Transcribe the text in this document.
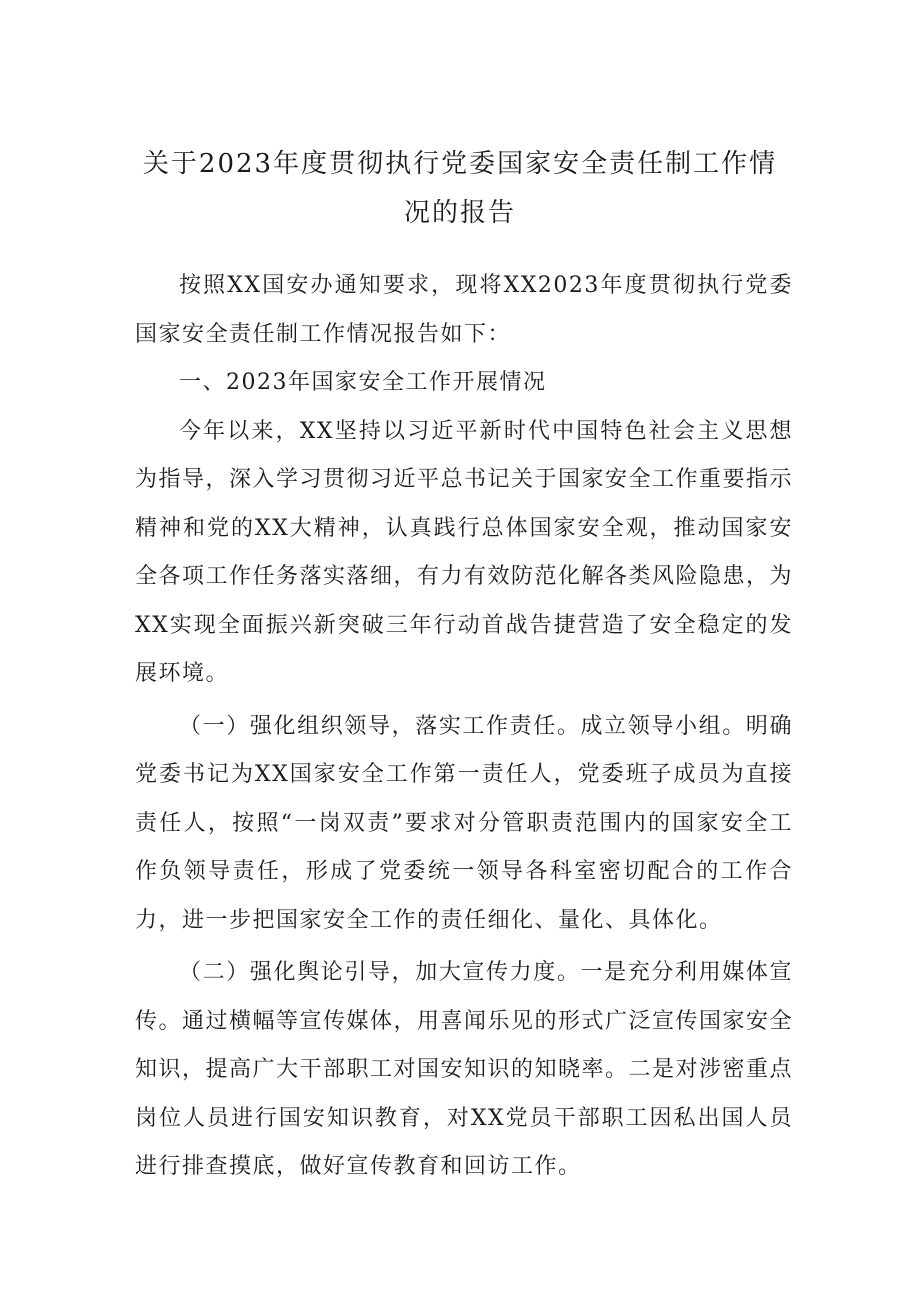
关于2023年度贯彻执行党委国家安全责任制工作情况的报告

按照XX国安办通知要求，现将XX2023年度贯彻执行党委国家安全责任制工作情况报告如下：

一、2023年国家安全工作开展情况

今年以来，XX坚持以习近平新时代中国特色社会主义思想为指导，深入学习贯彻习近平总书记关于国家安全工作重要指示精神和党的XX大精神，认真践行总体国家安全观，推动国家安全各项工作任务落实落细，有力有效防范化解各类风险隐患，为XX实现全面振兴新突破三年行动首战告捷营造了安全稳定的发展环境。

（一）强化组织领导，落实工作责任。成立领导小组。明确党委书记为XX国家安全工作第一责任人，党委班子成员为直接责任人，按照“一岗双责”要求对分管职责范围内的国家安全工作负领导责任，形成了党委统一领导各科室密切配合的工作合力，进一步把国家安全工作的责任细化、量化、具体化。

（二）强化舆论引导，加大宣传力度。一是充分利用媒体宣传。通过横幅等宣传媒体，用喜闻乐见的形式广泛宣传国家安全知识，提高广大干部职工对国安知识的知晓率。二是对涉密重点岗位人员进行国安知识教育，对XX党员干部职工因私出国人员进行排查摸底，做好宣传教育和回访工作。
